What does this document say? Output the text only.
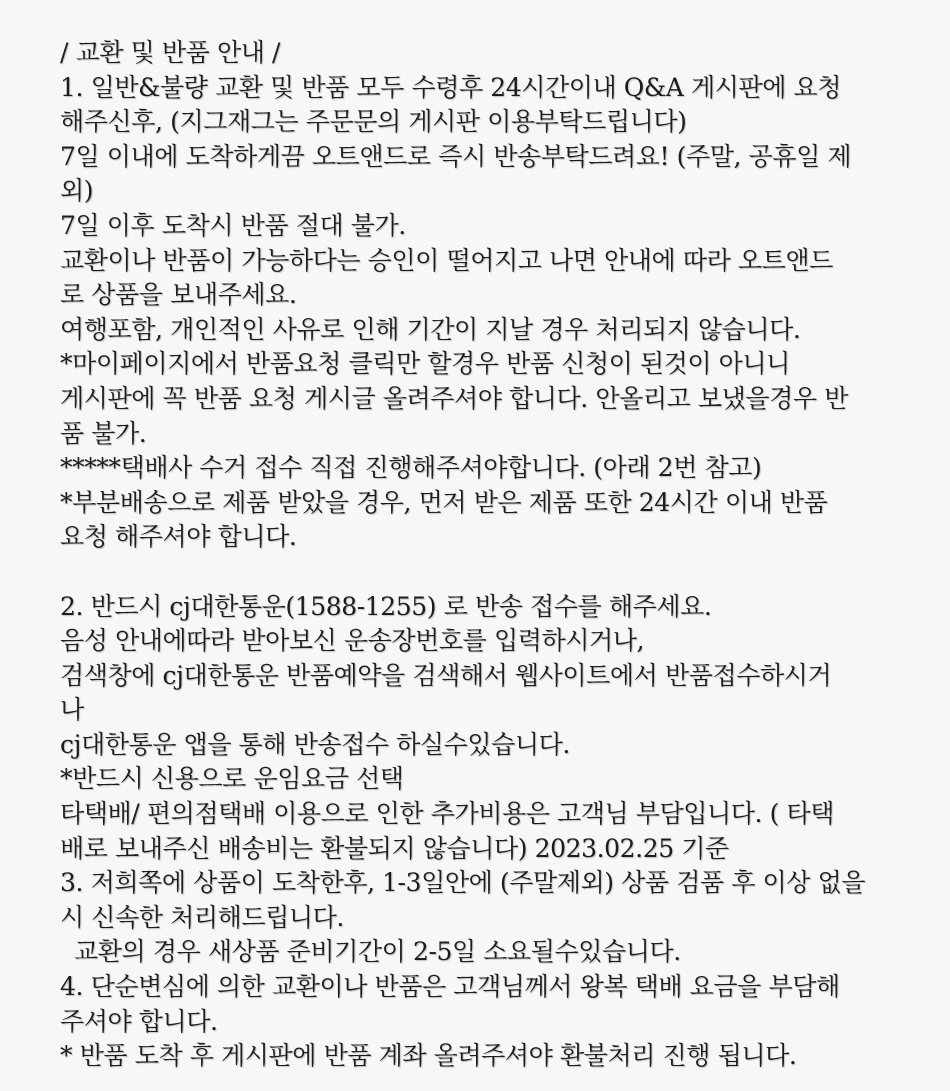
/ 교환 및 반품 안내 /
1. 일반&불량 교환 및 반품 모두 수령후 24시간이내 Q&A 게시판에 요청
해주신후, (지그재그는 주문문의 게시판 이용부탁드립니다)
7일 이내에 도착하게끔 오트앤드로 즉시 반송부탁드려요! (주말, 공휴일 제
외)
7일 이후 도착시 반품 절대 불가.
교환이나 반품이 가능하다는 승인이 떨어지고 나면 안내에 따라 오트앤드
로 상품을 보내주세요.
여행포함, 개인적인 사유로 인해 기간이 지날 경우 처리되지 않습니다.
*마이페이지에서 반품요청 클릭만 할경우 반품 신청이 된것이 아니니
게시판에 꼭 반품 요청 게시글 올려주셔야 합니다. 안올리고 보냈을경우 반
품 불가.
*****택배사 수거 접수 직접 진행해주셔야합니다. (아래 2번 참고)
*부분배송으로 제품 받았을 경우, 먼저 받은 제품 또한 24시간 이내 반품
요청 해주셔야 합니다.
2. 반드시 cj대한통운(1588-1255) 로 반송 접수를 해주세요.
음성 안내에따라 받아보신 운송장번호를 입력하시거나,
검색창에 cj대한통운 반품예약을 검색해서 웹사이트에서 반품접수하시거
나
cj대한통운 앱을 통해 반송접수 하실수있습니다.
*반드시 신용으로 운임요금 선택
타택배/ 편의점택배 이용으로 인한 추가비용은 고객님 부담입니다. ( 타택
배로 보내주신 배송비는 환불되지 않습니다) 2023.02.25 기준
3. 저희쪽에 상품이 도착한후, 1-3일안에 (주말제외) 상품 검품 후 이상 없을
시 신속한 처리해드립니다.
교환의 경우 새상품 준비기간이 2-5일 소요될수있습니다.
4. 단순변심에 의한 교환이나 반품은 고객님께서 왕복 택배 요금을 부담해
주셔야 합니다.
* 반품 도착 후 게시판에 반품 계좌 올려주셔야 환불처리 진행 됩니다.
